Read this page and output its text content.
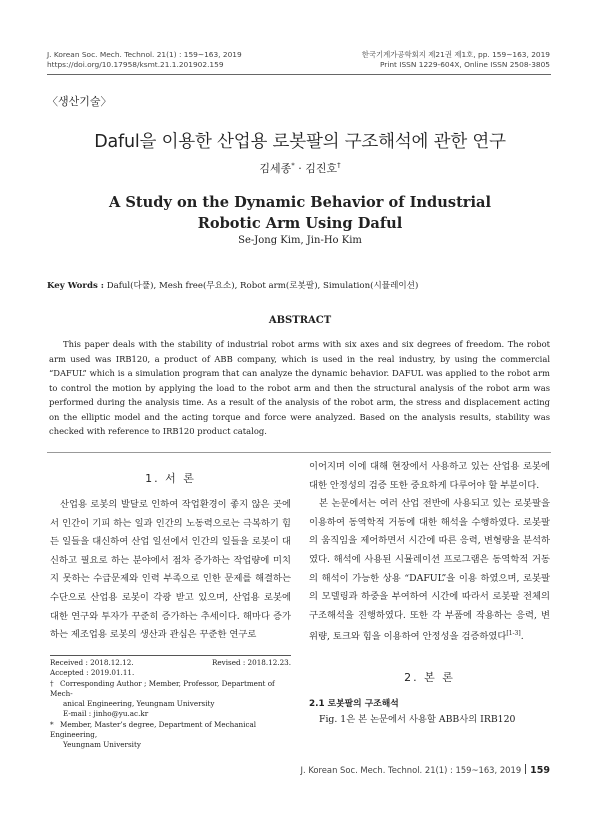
J. Korean Soc. Mech. Technol. 21(1) : 159~163, 2019
https://doi.org/10.17958/ksmt.21.1.201902.159
한국기계가공학회지 제21권 제1호, pp. 159~163, 2019
Print ISSN 1229-604X, Online ISSN 2508-3805
〈생산기술〉
Daful을 이용한 산업용 로봇팔의 구조해석에 관한 연구
김세종* · 김진호†
A Study on the Dynamic Behavior of Industrial
Robotic Arm Using Daful
Se-Jong Kim, Jin-Ho Kim
Key Words : Daful(다풀), Mesh free(무요소), Robot arm(로봇팔), Simulation(시뮬레이션)
ABSTRACT

This paper deals with the stability of industrial robot arms with six axes and six degrees of freedom. The robot arm used was IRB120, a product of ABB company, which is used in the real industry, by using the commercial “DAFUL” which is a simulation program that can analyze the dynamic behavior. DAFUL was applied to the robot arm to control the motion by applying the load to the robot arm and then the structural analysis of the robot arm was performed during the analysis time. As a result of the analysis of the robot arm, the stress and displacement acting on the elliptic model and the acting torque and force were analyzed. Based on the analysis results, stability was checked with reference to IRB120 product catalog.

1. 서 론

산업용 로봇의 발달로 인하여 작업환경이 좋지 않은 곳에서 인간이 기피 하는 일과 인간의 노동력으로는 극복하기 힘든 일들을 대신하여 산업 일선에서 인간의 일들을 로봇이 대신하고 필요로 하는 분야에서 점차 증가하는 작업량에 미치지 못하는 수급문제와 인력 부족으로 인한 문제를 해결하는 수단으로 산업용 로봇이 각광 받고 있으며, 산업용 로봇에 대한 연구와 투자가 꾸준히 증가하는 추세이다. 해마다 증가하는 제조업용 로봇의 생산과 관심은 꾸준한 연구로

이어지며 이에 대해 현장에서 사용하고 있는 산업용 로봇에 대한 안정성의 검증 또한 중요하게 다루어야 할 부분이다.

본 논문에서는 여러 산업 전반에 사용되고 있는 로봇팔을 이용하여 동역학적 거동에 대한 해석을 수행하였다. 로봇팔의 움직임을 제어하면서 시간에 따른 응력, 변형량을 분석하였다. 해석에 사용된 시뮬레이션 프로그램은 동역학적 거동의 해석이 가능한 상용 “DAFUL”을 이용 하였으며, 로봇팔의 모델링과 하중을 부여하여 시간에 따라서 로봇팔 전체의 구조해석을 진행하였다. 또한 각 부품에 작용하는 응력, 변위량, 토크와 힘을 이용하여 안정성을 검증하였다[1-3].

2. 본 론
2.1 로봇팔의 구조해석

Fig. 1은 본 논문에서 사용할 ABB사의 IRB120

Received : 2018.12.12.	Revised : 2018.12.23.
Accepted : 2019.01.11.
† Corresponding Author ; Member, Professor, Department of Mech-
anical Engineering, Yeungnam University
E-mail : jinho@yu.ac.kr
* Member, Master’s degree, Department of Mechanical Engineering,
Yeungnam University
J. Korean Soc. Mech. Technol. 21(1) : 159~163, 2019 159
